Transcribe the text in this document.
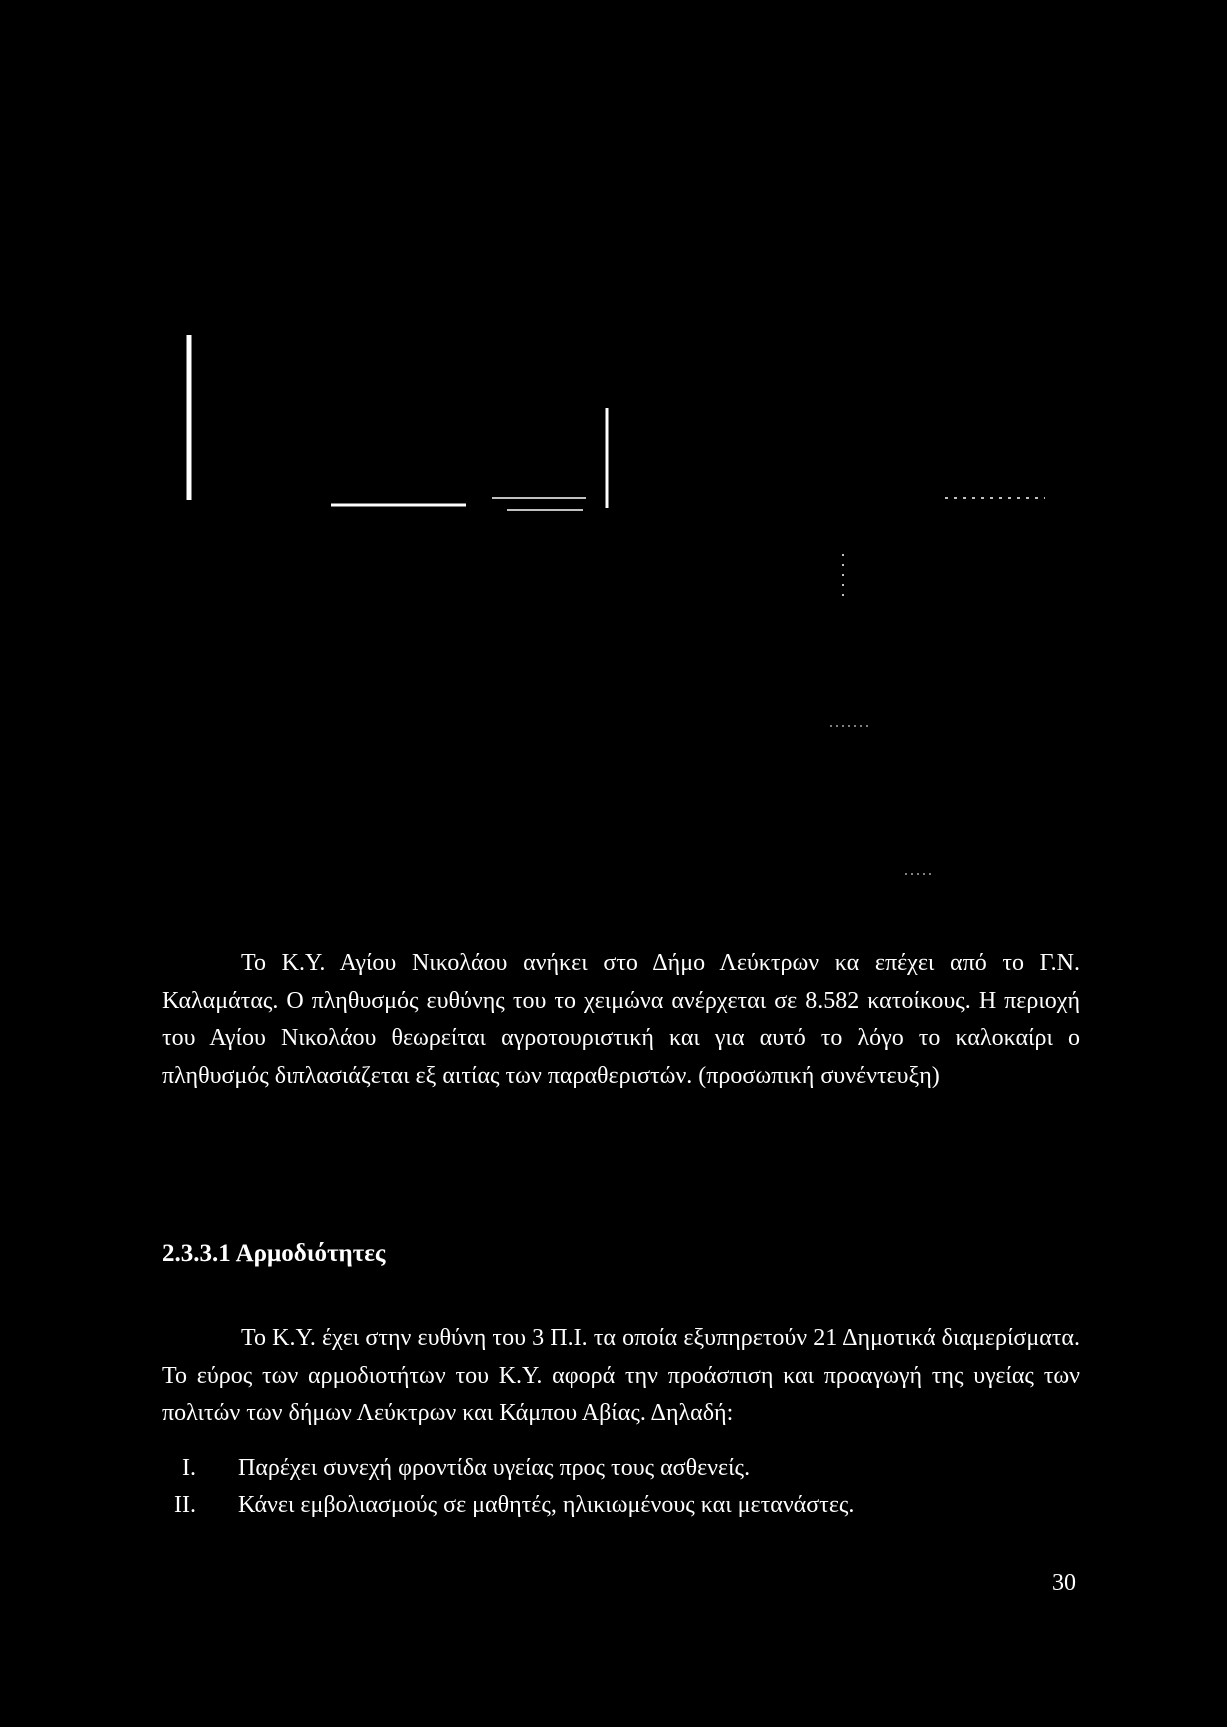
Το Κ.Υ. Αγίου Νικολάου ανήκει στο Δήμο Λεύκτρων κα επέχει από το Γ.Ν. Καλαμάτας. Ο πληθυσμός ευθύνης του το χειμώνα ανέρχεται σε 8.582 κατοίκους. Η περιοχή του Αγίου Νικολάου θεωρείται αγροτουριστική και για αυτό το λόγο το καλοκαίρι ο πληθυσμός διπλασιάζεται εξ αιτίας των παραθεριστών. (προσωπική συνέντευξη)

2.3.3.1 Αρμοδιότητες

Το Κ.Υ. έχει στην ευθύνη του 3 Π.Ι. τα οποία εξυπηρετούν 21 Δημοτικά διαμερίσματα. Το εύρος των αρμοδιοτήτων του Κ.Υ. αφορά την προάσπιση και προαγωγή της υγείας των πολιτών των δήμων Λεύκτρων και Κάμπου Αβίας. Δηλαδή:

I. Παρέχει συνεχή φροντίδα υγείας προς τους ασθενείς.
II. Κάνει εμβολιασμούς σε μαθητές, ηλικιωμένους και μετανάστες.
30
